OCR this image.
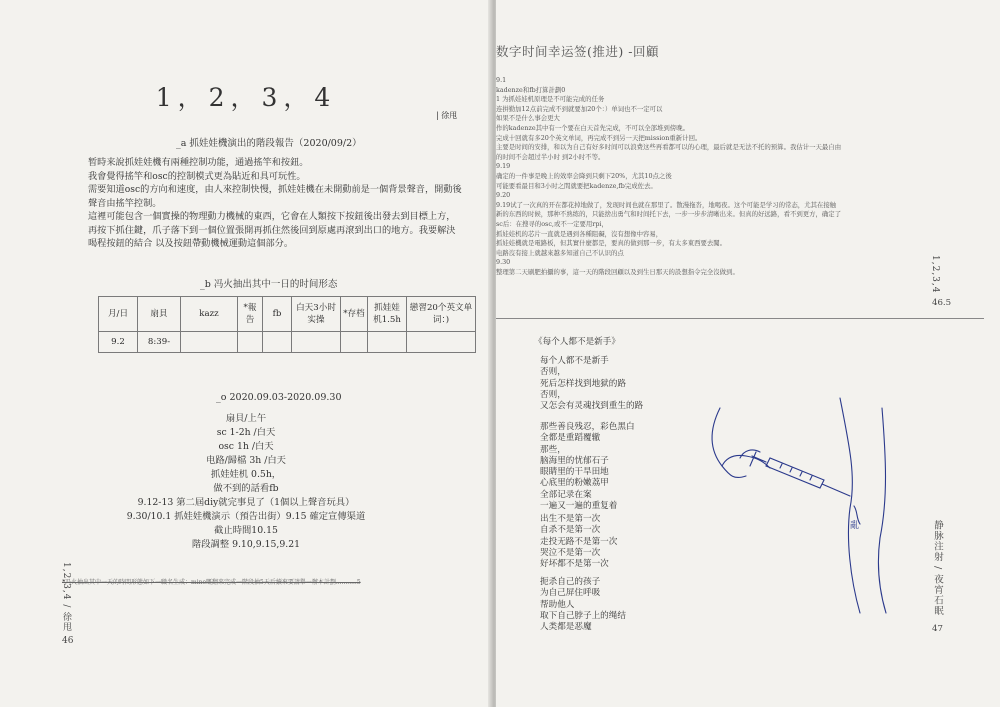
1，2，3，4
| 徐甩
_a 抓娃娃機演出的階段報告（2020/09/2）

暂時来說抓娃娃機有兩種控制功能，通過搖竿和按鈕。

我會覺得搖竿和osc的控制模式更為貼近和具可玩性。

需要知道osc的方向和速度，由人來控制快慢，抓娃娃機在未開動前是一個背景聲音，開動後聲音由搖竿控制。

這裡可能包含一個實操的物理動力機械的東西，它會在人類按下按鈕後出發去到目標上方，再按下抓住鍵，爪子落下到一個位置張開再抓住然後回到原處再滾到出口的地方。我要解決喝程按鈕的結合 以及按鈕帶動機械運動這個部分。

_b 冯火抽出其中一日的时间形态
月/日	扇貝	kazz	*報告	fb	白天3小时实操	*存档	抓娃娃机1.5h	戀習20个英文单词：)
9.2	8:39-							
_o 2020.09.03-2020.09.30
扇貝/上午
sc 1-2h /白天
osc 1h /白天
电路/歸檔 3h /白天
抓娃娃机 0.5h，
做不到的話看fb
9.12-13 第二屆diy就完事見了（1個以上聲音玩具）
9.30/10.1 抓娃娃機演示（預告出街）9.15 確定宣傳渠道
截止時間10.15
階段調整 9.10,9.15,9.21
*冯火抽出其中一天的時間形態如下一職名生成：mine嘅翻来完成一階段抽5天后續來要請舉一辦本計劃...........5
1,2,3,4 / 徐甩
46
数字时间幸运签(推进) -回顧
9.1
kadenze和fb打算計劃0
1 为抓娃娃机原理是不可能完成的任务
连拼勤加12点前完成不到就要加20个：）单词也不一定可以
如果不是什么事会更大
作的kadenze其中有一个要在白天首先完成，不可以全部堆到傍晚。
完成十回就有多20个英文单词，再完成不到另一天把mission重新计回。
主要是时间的安排，和以为自己有好多时间可以浪费这些再看都可以的心理，最后就是无法不托的预算。我估计一天最自由
的时间不会超过半小时 到2小时不等。
9.19
确定的一件事是晚上的效率会降到只剩下20%，尤其10点之後
可能要看最目和3小时之間就要把kadenze,fb完成佐去。
9.20
9.19试了一次真的开在都花掉地做了，发现时间也就在那里了。散漫拖沓，地喝夜。这个可能是学习的常态，尤其在接触
新的东西的时候，那种不熟练的，只能捨出勇气和时间托下去，一步一步步清晰出来。但真的好远路，看不到更方，确定了
sc后：在搜寻的osc,或不一定要用rpi，
抓娃娃机的芯片一直就是遇到各種阻礙，沒有想像中容易，
抓娃娃機就是電路板，但其實什麼都是，要真的做到那一步，有太多東西要去闖。
电路沒有接上就越來越多知道自己不认识的点
9.30
整理第二天刷肥拍攝的事，這一天的階段回顧以及到生日那天的設想指令完全沒做到。	1,2,3,4
46.5
《每个人都不是新手》
每个人都不是新手
否则，
死后怎样找到地狱的路
否则，
又怎会有灵魂找到重生的路
那些善良残忍，彩色黑白
全都是重蹈覆辙
那些，
脑海里的忧郁石子
眼睛里的干旱田地
心底里的粉嫩荔甲
全部记录在案
一遍又一遍的重复着
出生不是第一次
自杀不是第一次
走投无路不是第一次
哭泣不是第一次
好坏都不是第一次
扼杀自己的孩子
为自己屏住呼吸
帮助他人
取下自己脖子上的绳结
人类都是恶魔
亂	静脉注射 / 夜宵石眠
47
